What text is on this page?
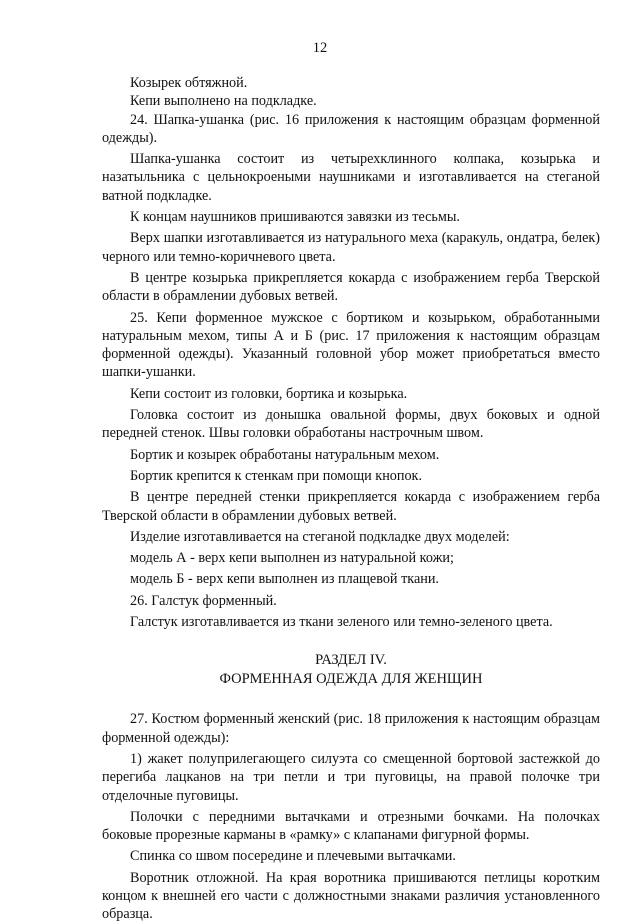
12

Козырек обтяжной.

Кепи выполнено на подкладке.

24. Шапка-ушанка (рис. 16 приложения к настоящим образцам форменной одежды).

Шапка-ушанка состоит из четырехклинного колпака, козырька и назатыльника с цельнокроеными наушниками и изготавливается на стеганой ватной подкладке.

К концам наушников пришиваются завязки из тесьмы.

Верх шапки изготавливается из натурального меха (каракуль, ондатра, белек) черного или темно-коричневого цвета.

В центре козырька прикрепляется кокарда с изображением герба Тверской области в обрамлении дубовых ветвей.

25. Кепи форменное мужское с бортиком и козырьком, обработанными натуральным мехом, типы А и Б (рис. 17 приложения к настоящим образцам форменной одежды). Указанный головной убор может приобретаться вместо шапки-ушанки.

Кепи состоит из головки, бортика и козырька.

Головка состоит из донышка овальной формы, двух боковых и одной передней стенок. Швы головки обработаны настрочным швом.

Бортик и козырек обработаны натуральным мехом.

Бортик крепится к стенкам при помощи кнопок.

В центре передней стенки прикрепляется кокарда с изображением герба Тверской области в обрамлении дубовых ветвей.

Изделие изготавливается на стеганой подкладке двух моделей:

модель А - верх кепи выполнен из натуральной кожи;

модель Б - верх кепи выполнен из плащевой ткани.

26. Галстук форменный.

Галстук изготавливается из ткани зеленого или темно-зеленого цвета.

РАЗДЕЛ IV.
ФОРМЕННАЯ ОДЕЖДА ДЛЯ ЖЕНЩИН

27. Костюм форменный женский (рис. 18 приложения к настоящим образцам форменной одежды):

1) жакет полуприлегающего силуэта со смещенной бортовой застежкой до перегиба лацканов на три петли и три пуговицы, на правой полочке три отделочные пуговицы.

Полочки с передними вытачками и отрезными бочками. На полочках боковые прорезные карманы в «рамку» с клапанами фигурной формы.

Спинка со швом посередине и плечевыми вытачками.

Воротник отложной. На края воротника пришиваются петлицы коротким концом к внешней его части с должностными знаками различия установленного образца.
